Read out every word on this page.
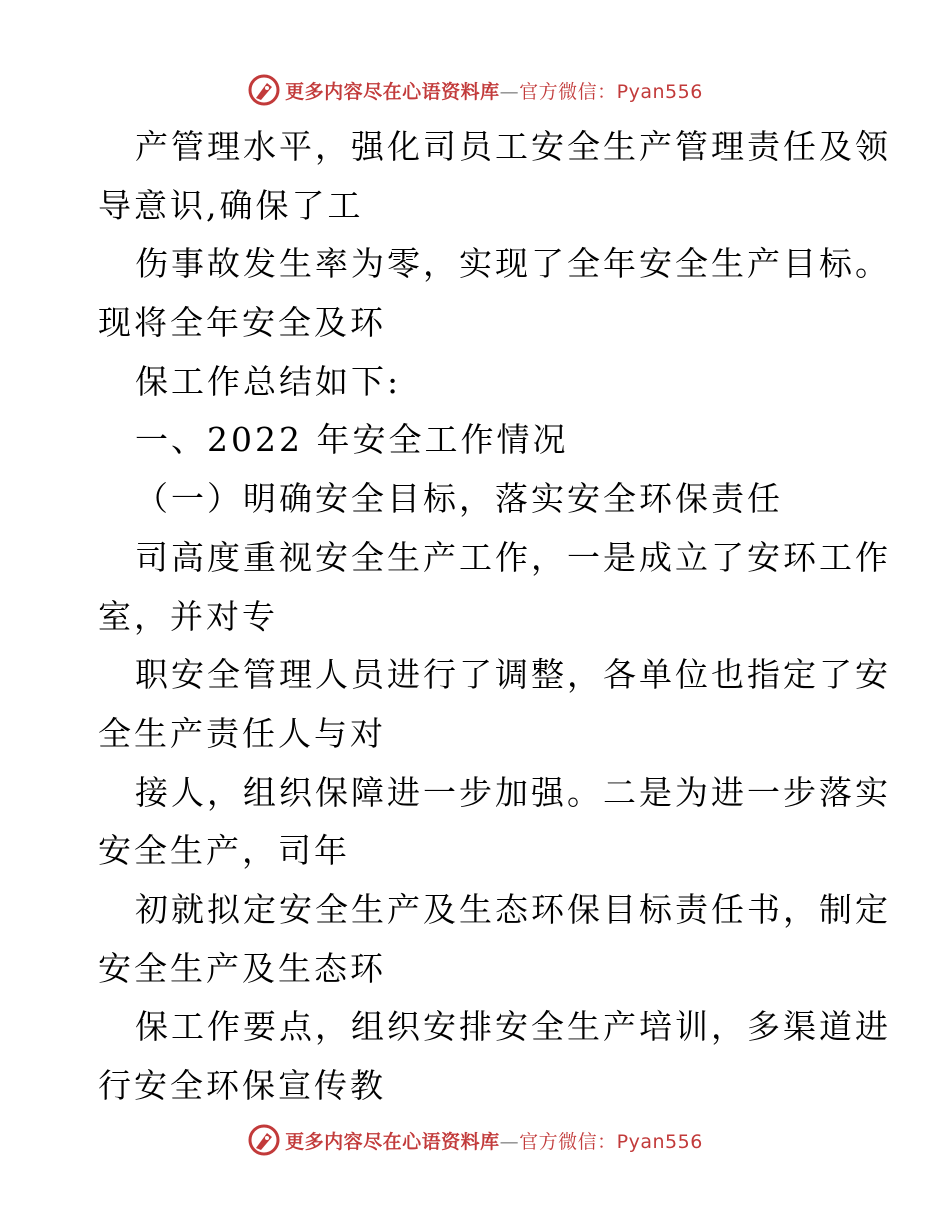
更多内容尽在心语资料库—官方微信：Pyan556
产管理水平，强化司员工安全生产管理责任及领
导意识,确保了工
伤事故发生率为零，实现了全年安全生产目标。
现将全年安全及环
保工作总结如下:
一、2022 年安全工作情况
（一）明确安全目标，落实安全环保责任
司高度重视安全生产工作，一是成立了安环工作
室，并对专
职安全管理人员进行了调整，各单位也指定了安
全生产责任人与对
接人，组织保障进一步加强。二是为进一步落实
安全生产，司年
初就拟定安全生产及生态环保目标责任书，制定
安全生产及生态环
保工作要点，组织安排安全生产培训，多渠道进
行安全环保宣传教
更多内容尽在心语资料库—官方微信：Pyan556
